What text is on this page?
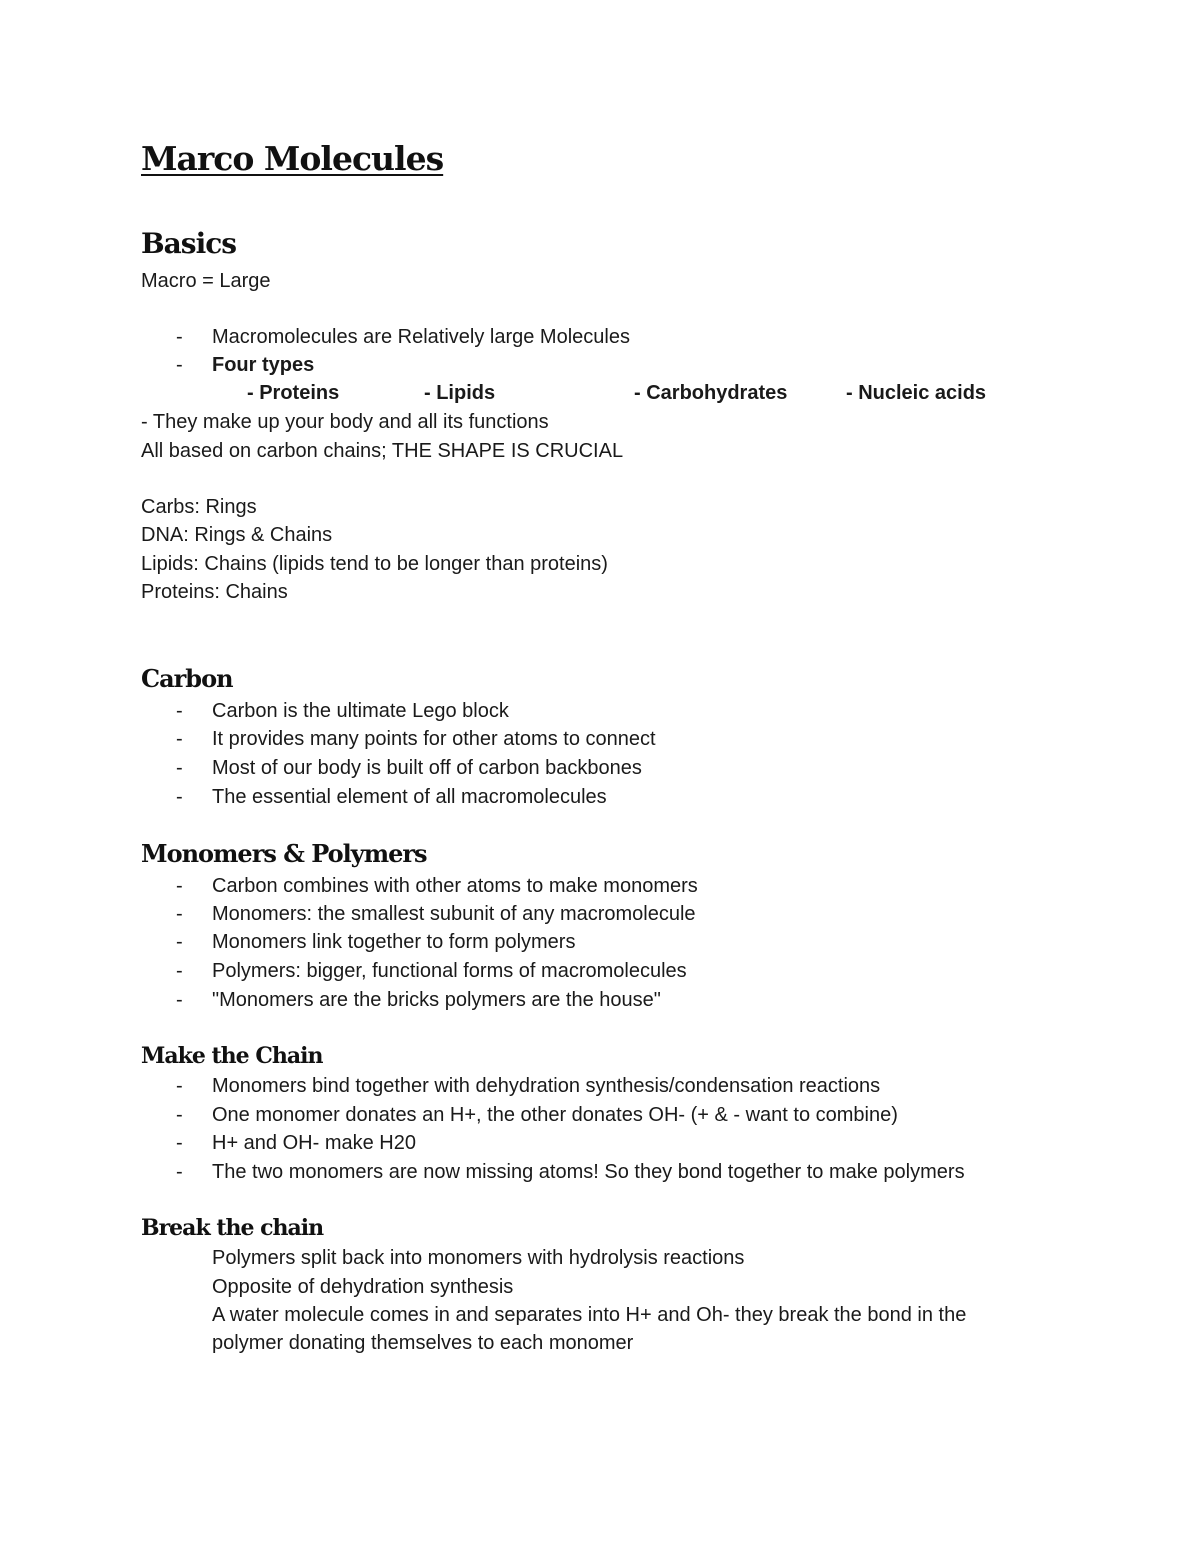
Marco Molecules
Basics

Macro = Large

- Macromolecules are Relatively large Molecules
- Four types
- Proteins	- Lipids	- Carbohydrates	- Nucleic acids

- They make up your body and all its functions

All based on carbon chains; THE SHAPE IS CRUCIAL

Carbs: Rings

DNA: Rings & Chains

Lipids: Chains (lipids tend to be longer than proteins)

Proteins: Chains

Carbon
- Carbon is the ultimate Lego block
- It provides many points for other atoms to connect
- Most of our body is built off of carbon backbones
- The essential element of all macromolecules
Monomers & Polymers
- Carbon combines with other atoms to make monomers
- Monomers: the smallest subunit of any macromolecule
- Monomers link together to form polymers
- Polymers: bigger, functional forms of macromolecules
- "Monomers are the bricks polymers are the house"
Make the Chain
- Monomers bind together with dehydration synthesis/condensation reactions
- One monomer donates an H+, the other donates OH- (+ & - want to combine)
- H+ and OH- make H20
- The two monomers are now missing atoms! So they bond together to make polymers
Break the chain
Polymers split back into monomers with hydrolysis reactions
Opposite of dehydration synthesis
A water molecule comes in and separates into H+ and Oh- they break the bond in the
polymer donating themselves to each monomer
